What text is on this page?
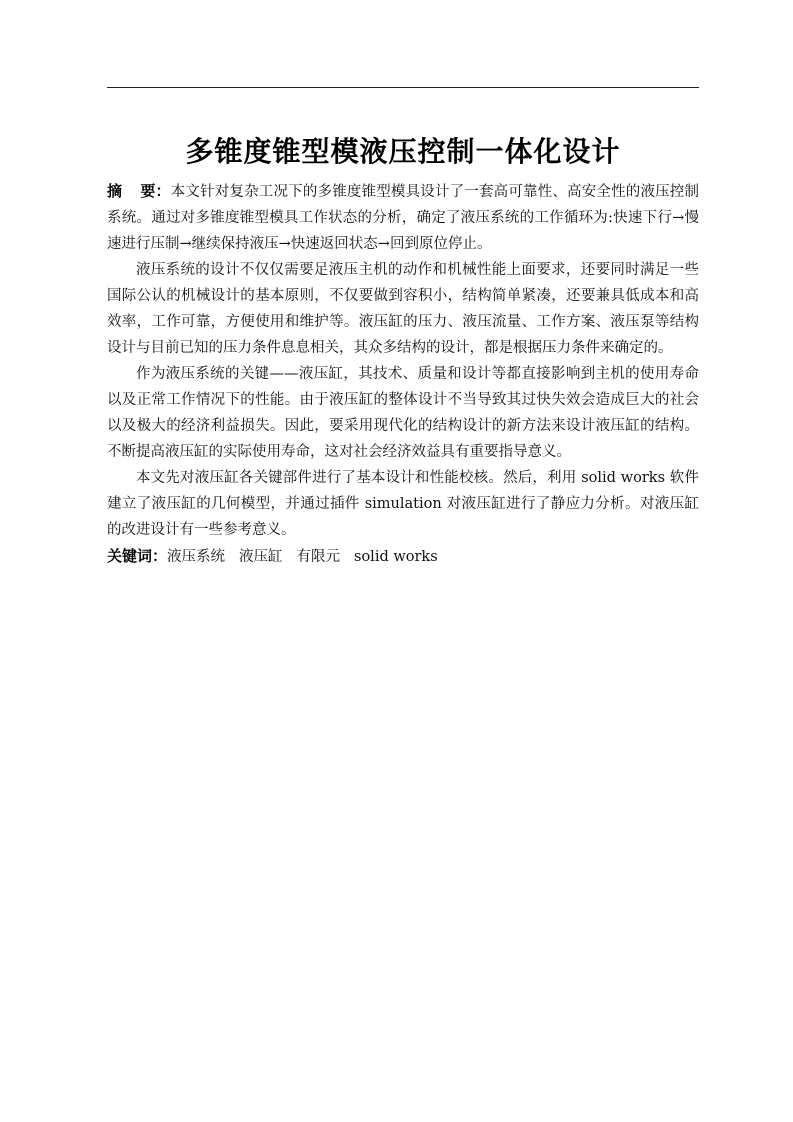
多锥度锥型模液压控制一体化设计

摘 要：本文针对复杂工况下的多锥度锥型模具设计了一套高可靠性、高安全性的液压控制系统。通过对多锥度锥型模具工作状态的分析，确定了液压系统的工作循环为:快速下行→慢速进行压制→继续保持液压→快速返回状态→回到原位停止。

液压系统的设计不仅仅需要足液压主机的动作和机械性能上面要求，还要同时满足一些国际公认的机械设计的基本原则，不仅要做到容积小，结构简单紧凑，还要兼具低成本和高效率，工作可靠，方便使用和维护等。液压缸的压力、液压流量、工作方案、液压泵等结构设计与目前已知的压力条件息息相关，其众多结构的设计，都是根据压力条件来确定的。

作为液压系统的关键——液压缸，其技术、质量和设计等都直接影响到主机的使用寿命以及正常工作情况下的性能。由于液压缸的整体设计不当导致其过快失效会造成巨大的社会以及极大的经济利益损失。因此，要采用现代化的结构设计的新方法来设计液压缸的结构。不断提高液压缸的实际使用寿命，这对社会经济效益具有重要指导意义。

本文先对液压缸各关键部件进行了基本设计和性能校核。然后，利用 solid works 软件建立了液压缸的几何模型，并通过插件 simulation 对液压缸进行了静应力分析。对液压缸的改进设计有一些参考意义。

关键词：液压系统 液压缸 有限元 solid works
